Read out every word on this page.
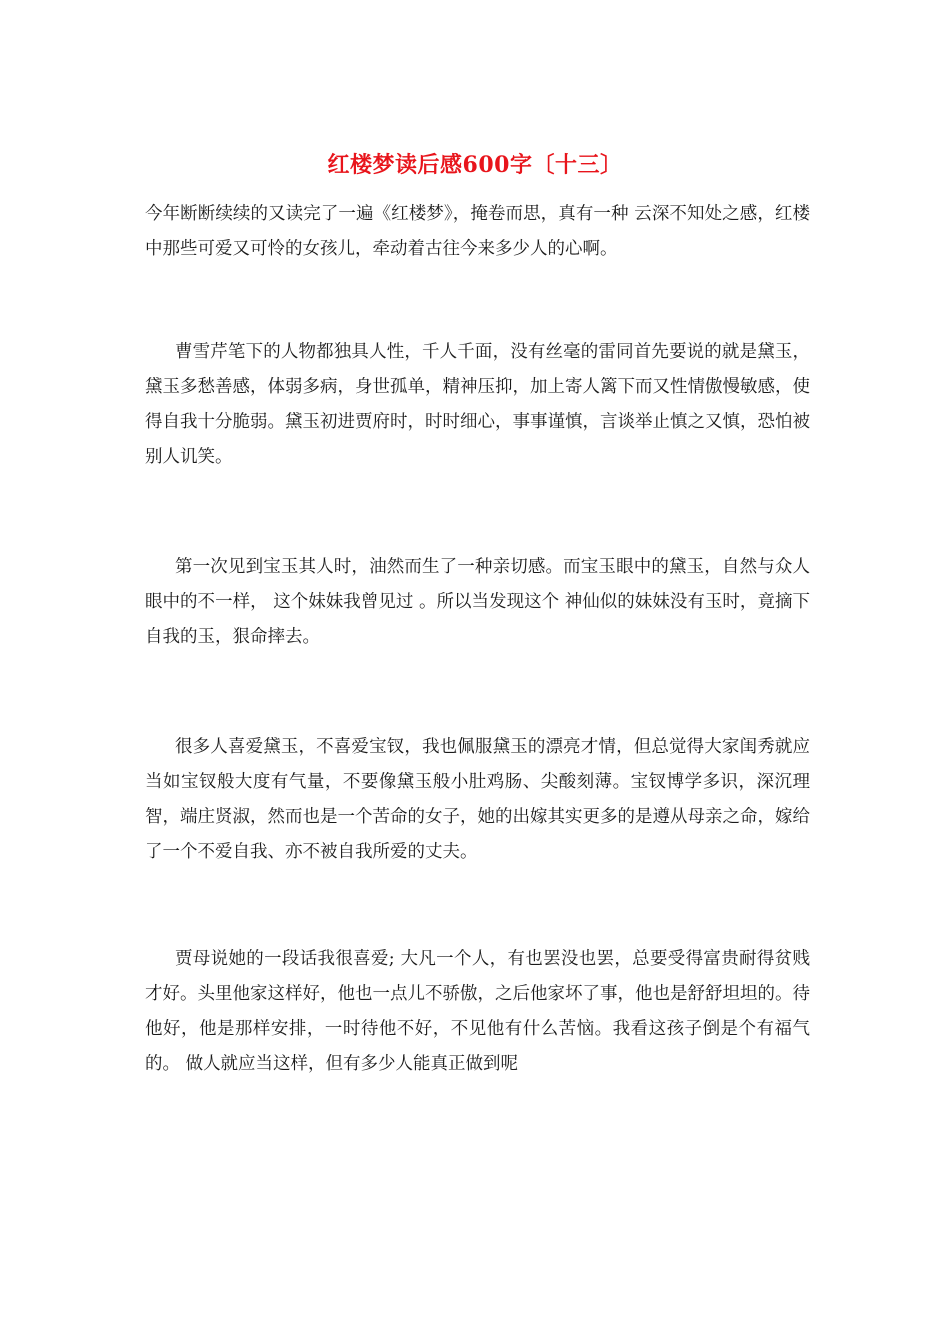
红楼梦读后感600字〔十三〕

今年断断续续的又读完了一遍《红楼梦》，掩卷而思，真有一种 云深不知处之感，红楼中那些可爱又可怜的女孩儿，牵动着古往今来多少人的心啊。

曹雪芹笔下的人物都独具人性，千人千面，没有丝毫的雷同首先要说的就是黛玉，黛玉多愁善感，体弱多病，身世孤单，精神压抑，加上寄人篱下而又性情傲慢敏感，使得自我十分脆弱。黛玉初进贾府时，时时细心，事事谨慎，言谈举止慎之又慎，恐怕被别人讥笑。

第一次见到宝玉其人时，油然而生了一种亲切感。而宝玉眼中的黛玉，自然与众人眼中的不一样， 这个妹妹我曾见过 。所以当发现这个 神仙似的妹妹没有玉时，竟摘下自我的玉，狠命摔去。

很多人喜爱黛玉，不喜爱宝钗，我也佩服黛玉的漂亮才情，但总觉得大家闺秀就应当如宝钗般大度有气量，不要像黛玉般小肚鸡肠、尖酸刻薄。宝钗博学多识，深沉理智，端庄贤淑，然而也是一个苦命的女子，她的出嫁其实更多的是遵从母亲之命，嫁给了一个不爱自我、亦不被自我所爱的丈夫。

贾母说她的一段话我很喜爱; 大凡一个人，有也罢没也罢，总要受得富贵耐得贫贱才好。头里他家这样好，他也一点儿不骄傲，之后他家坏了事，他也是舒舒坦坦的。待他好，他是那样安排，一时待他不好，不见他有什么苦恼。我看这孩子倒是个有福气的。 做人就应当这样，但有多少人能真正做到呢
